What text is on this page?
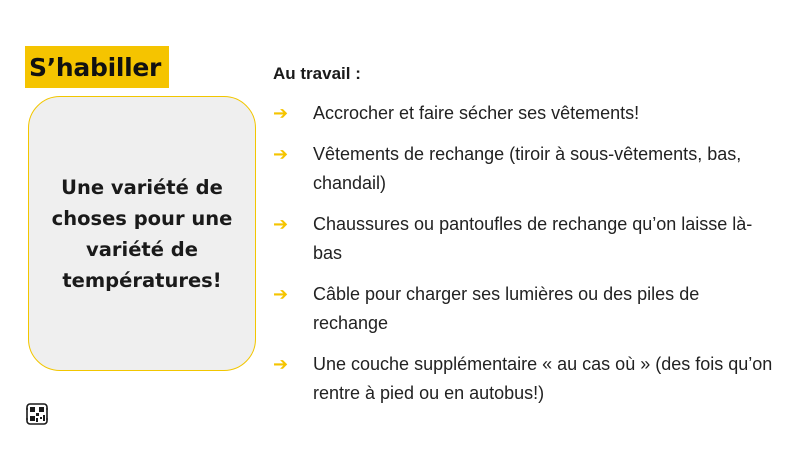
S’habiller
Une variété de choses pour une variété de températures!
Au travail :
➔	Accrocher et faire sécher ses vêtements!
➔	Vêtements de rechange (tiroir à sous-vêtements, bas, chandail)
➔	Chaussures ou pantoufles de rechange qu’on laisse là-bas
➔	Câble pour charger ses lumières ou des piles de rechange
➔	Une couche supplémentaire « au cas où » (des fois qu’on rentre à pied ou en autobus!)
